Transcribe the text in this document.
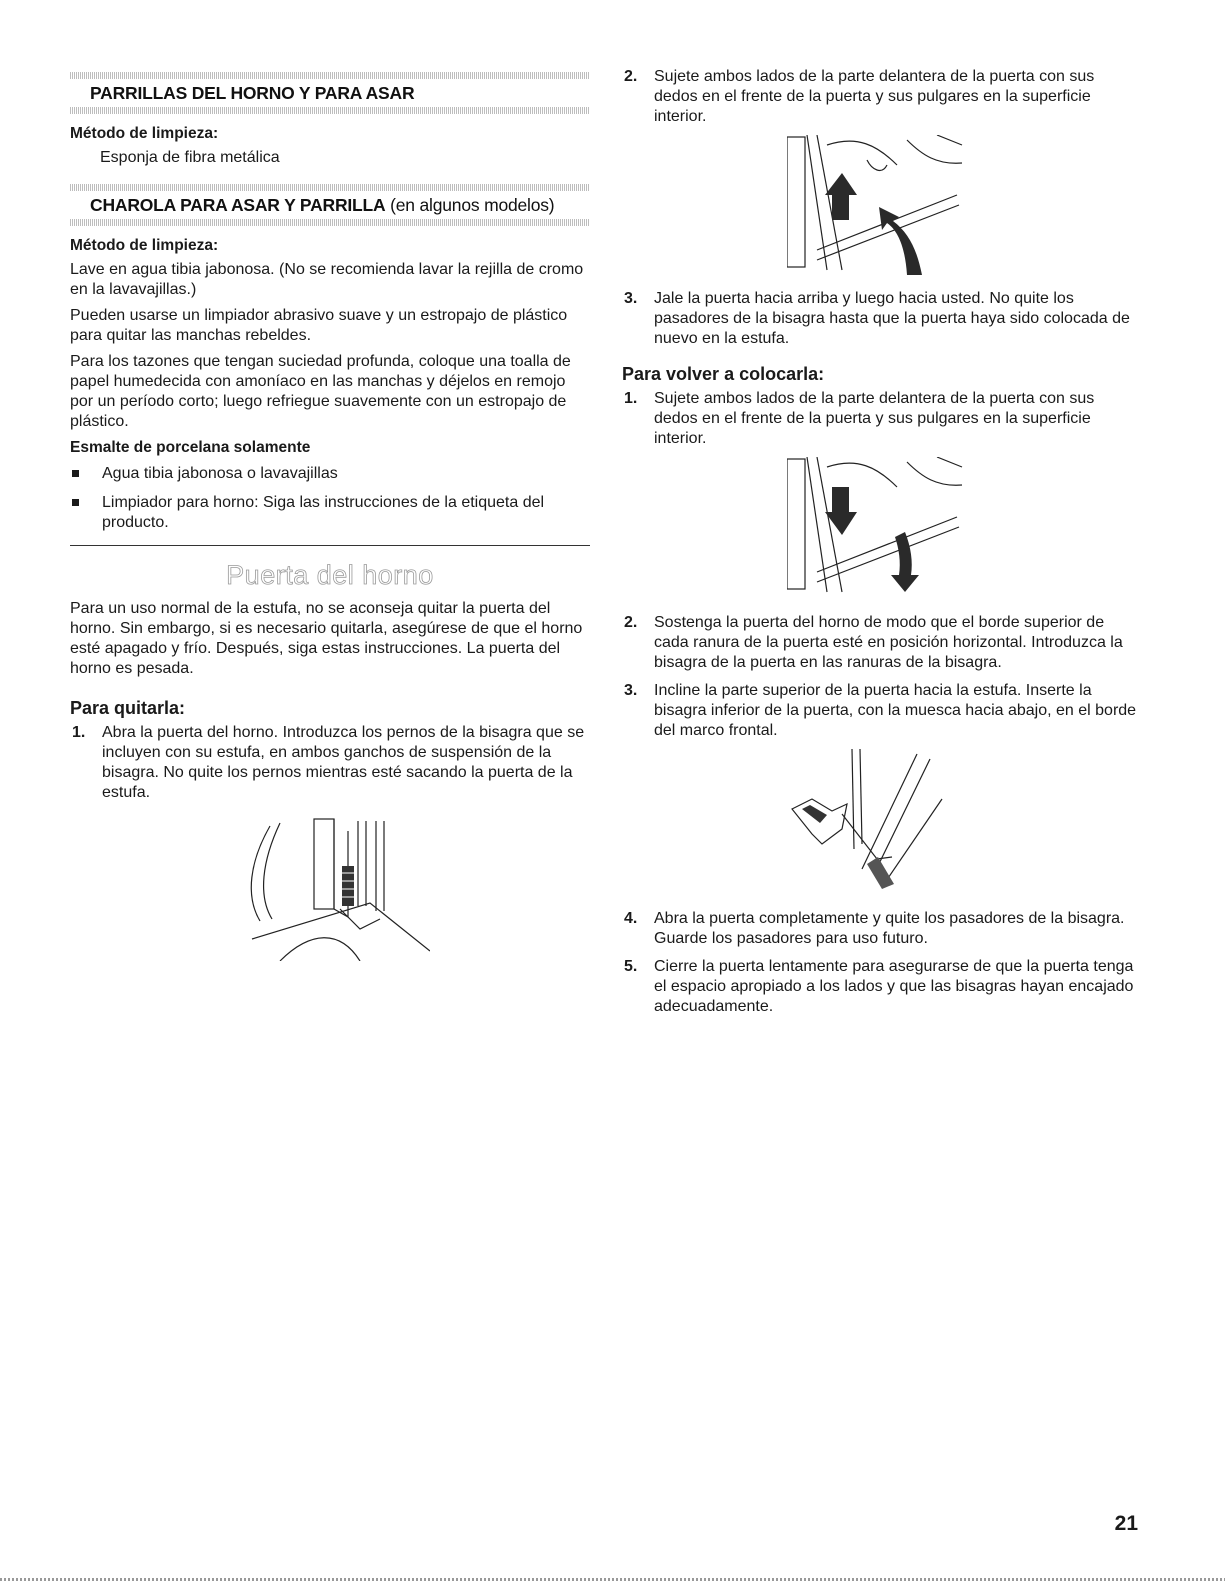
PARRILLAS DEL HORNO Y PARA ASAR
Método de limpieza:
Esponja de fibra metálica
CHAROLA PARA ASAR Y PARRILLA (en algunos modelos)
Método de limpieza:

Lave en agua tibia jabonosa. (No se recomienda lavar la rejilla de cromo en la lavavajillas.)

Pueden usarse un limpiador abrasivo suave y un estropajo de plástico para quitar las manchas rebeldes.

Para los tazones que tengan suciedad profunda, coloque una toalla de papel humedecida con amoníaco en las manchas y déjelos en remojo por un período corto; luego refriegue suavemente con un estropajo de plástico.

Esmalte de porcelana solamente
Agua tibia jabonosa o lavavajillas
Limpiador para horno: Siga las instrucciones de la etiqueta del producto.
Puerta del horno

Para un uso normal de la estufa, no se aconseja quitar la puerta del horno. Sin embargo, si es necesario quitarla, asegúrese de que el horno esté apagado y frío. Después, siga estas instrucciones. La puerta del horno es pesada.

Para quitarla:
1. Abra la puerta del horno. Introduzca los pernos de la bisagra que se incluyen con su estufa, en ambos ganchos de suspensión de la bisagra. No quite los pernos mientras esté sacando la puerta de la estufa.
2. Sujete ambos lados de la parte delantera de la puerta con sus dedos en el frente de la puerta y sus pulgares en la superficie interior.
3. Jale la puerta hacia arriba y luego hacia usted. No quite los pasadores de la bisagra hasta que la puerta haya sido colocada de nuevo en la estufa.
Para volver a colocarla:
1. Sujete ambos lados de la parte delantera de la puerta con sus dedos en el frente de la puerta y sus pulgares en la superficie interior.
2. Sostenga la puerta del horno de modo que el borde superior de cada ranura de la puerta esté en posición horizontal. Introduzca la bisagra de la puerta en las ranuras de la bisagra.
3. Incline la parte superior de la puerta hacia la estufa. Inserte la bisagra inferior de la puerta, con la muesca hacia abajo, en el borde del marco frontal.
4. Abra la puerta completamente y quite los pasadores de la bisagra. Guarde los pasadores para uso futuro.
5. Cierre la puerta lentamente para asegurarse de que la puerta tenga el espacio apropiado a los lados y que las bisagras hayan encajado adecuadamente.
21
